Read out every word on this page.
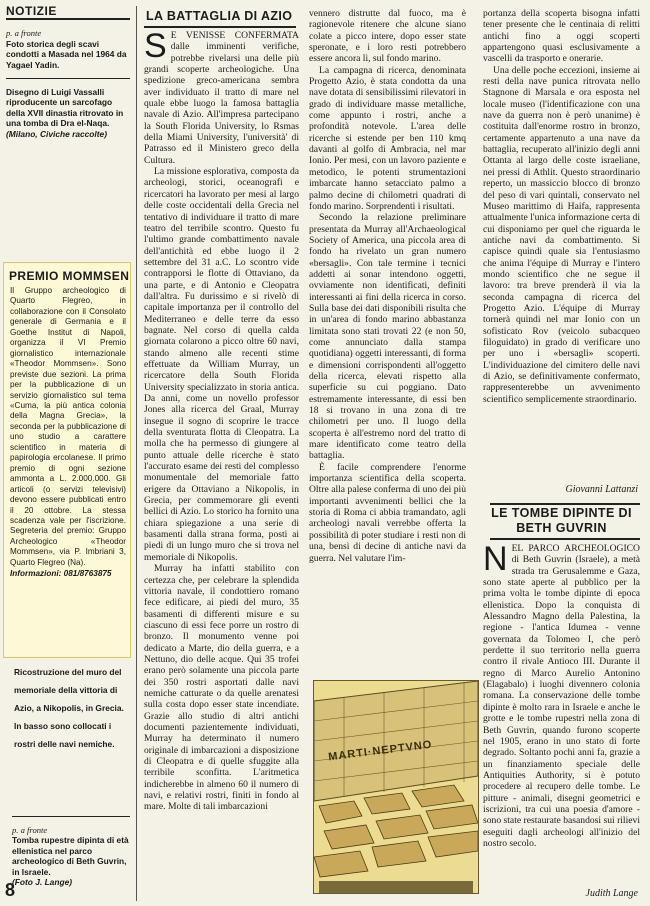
NOTIZIE
p. a fronte
Foto storica degli scavi condotti a Masada nel 1964 da Yagael Yadin.
Disegno di Luigi Vassalli riproducente un sarcofago della XVII dinastia ritrovato in una tomba di Dra el-Naqa.
(Milano, Civiche raccolte)
PREMIO MOMMSEN
Il Gruppo archeologico di Quarto Flegreo, in collaborazione con il Consolato generale di Germania e il Goethe Institut di Napoli, organizza il VI Premio giornalistico internazionale «Theodor Mommsen». Sono previste due sezioni. La prima per la pubblicazione di un servizio giornalistico sul tema «Cuma, la più antica colonia della Magna Grecia», la seconda per la pubblicazione di uno studio a carattere scientifico in materia di papirologia ercolanese. Il primo premio di ogni sezione ammonta a L. 2.000.000. Gli articoli (o servizi televisivi) devono essere pubblicati entro il 20 ottobre. La stessa scadenza vale per l'iscrizione. Segreteria del premio: Gruppo Archeologico «Theodor Mommsen», via P. Imbriani 3, Quarto Flegreo (Na).
Informazioni: 081/8763875
Ricostruzione del muro del memoriale della vittoria di Azio, a Nikopolis, in Grecia. In basso sono collocati i rostri delle navi nemiche.
p. a fronte
Tomba rupestre dipinta di età ellenistica nel parco archeologico di Beth Guvrin, in Israele.
(Foto J. Lange)
8
LA BATTAGLIA DI AZIO

S E VENISSE CONFERMATA dalle imminenti verifiche, potrebbe rivelarsi una delle più grandi scoperte archeologiche. Una spedizione greco-americana sembra aver individuato il tratto di mare nel quale ebbe luogo la famosa battaglia navale di Azio. All'impresa partecipano la South Florida University, lo Rsmas della Miami University, l'università' di Patrasso ed il Ministero greco della Cultura.

La missione esplorativa, composta da archeologi, storici, oceanografi e ricercatori ha lavorato per mesi al largo delle coste occidentali della Grecia nel tentativo di individuare il tratto di mare teatro del terribile scontro. Questo fu l'ultimo grande combattimento navale dell'antichità ed ebbe luogo il 2 settembre del 31 a.C. Lo scontro vide contrapporsi le flotte di Ottaviano, da una parte, e di Antonio e Cleopatra dall'altra. Fu durissimo e si rivelò di capitale importanza per il controllo del Mediterraneo e delle terre da esso bagnate. Nel corso di quella calda giornata colarono a picco oltre 60 navi, stando almeno alle recenti stime effettuate da William Murray, un ricercatore della South Florida University specializzato in storia antica. Da anni, come un novello professor Jones alla ricerca del Graal, Murray insegue il sogno di scoprire le tracce della sventurata flotta di Cleopatra. La molla che ha permesso di giungere al punto attuale delle ricerche è stato l'accurato esame dei resti del complesso monumentale del memoriale fatto erigere da Ottaviano a Nikopolis, in Grecia, per commemorare gli eventi bellici di Azio. Lo storico ha fornito una chiara spiegazione a una serie di basamenti dalla strana forma, posti ai piedi di un lungo muro che si trova nel memoriale di Nikopolis.

Murray ha infatti stabilito con certezza che, per celebrare la splendida vittoria navale, il condottiero romano fece edificare, ai piedi del muro, 35 basamenti di differenti misure e su ciascuno di essi fece porre un rostro di bronzo. Il monumento venne poi dedicato a Marte, dio della guerra, e a Nettuno, dio delle acque. Qui 35 trofei erano però solamente una piccola parte dei 350 rostri asportati dalle navi nemiche catturate o da quelle arenatesi sulla costa dopo esser state incendiate. Grazie allo studio di altri antichi documenti pazientemente individuati, Murray ha determinato il numero originale di imbarcazioni a disposizione di Cleopatra e di quelle sfuggite alla terribile sconfitta. L'aritmetica indicherebbe in almeno 60 il numero di navi, e relativi rostri, finiti in fondo al mare. Molte di tali imbarcazioni

vennero distrutte dal fuoco, ma è ragionevole ritenere che alcune siano colate a picco intere, dopo esser state speronate, e i loro resti potrebbero essere ancora lì, sul fondo marino.

La campagna di ricerca, denominata Progetto Azio, è stata condotta da una nave dotata di sensibilissimi rilevatori in grado di individuare masse metalliche, come appunto i rostri, anche a profondità notevole. L'area delle ricerche si estende per ben 110 kmq davanti al golfo di Ambracia, nel mar Ionio. Per mesi, con un lavoro paziente e metodico, le potenti strumentazioni imbarcate hanno setacciato palmo a palmo decine di chilometri quadrati di fondo marino. Sorprendenti i risultati.

Secondo la relazione preliminare presentata da Murray all'Archaeological Society of America, una piccola area di fondo ha rivelato un gran numero «bersagli». Con tale termine i tecnici addetti ai sonar intendono oggetti, ovviamente non identificati, definiti interessanti ai fini della ricerca in corso. Sulla base dei dati disponibili risulta che in un'area di fondo marino abbastanza limitata sono stati trovati 22 (e non 50, come annunciato dalla stampa quotidiana) oggetti interessanti, di forma e dimensioni corrispondenti all'oggetto della ricerca, elevati rispetto alla superficie su cui poggiano. Dato estremamente interessante, di essi ben 18 si trovano in una zona di tre chilometri per uno. Il luogo della scoperta è all'estremo nord del tratto di mare identificato come teatro della battaglia.

È facile comprendere l'enorme importanza scientifica della scoperta. Oltre alla palese conferma di uno dei più importanti avvenimenti bellici che la storia di Roma ci abbia tramandato, agli archeologi navali verrebbe offerta la possibilità di poter studiare i resti non di una, bensì di decine di antiche navi da guerra. Nel valutare l'im-

MARTI·NEPTVNO

portanza della scoperta bisogna infatti tener presente che le centinaia di relitti antichi fino a oggi scoperti appartengono quasi esclusivamente a vascelli da trasporto e onerarie.

Una delle poche eccezioni, insieme ai resti della nave punica ritrovata nello Stagnone di Marsala e ora esposta nel locale museo (l'identificazione con una nave da guerra non è però unanime) è costituita dall'enorme rostro in bronzo, certamente appartenuto a una nave da battaglia, recuperato all'inizio degli anni Ottanta al largo delle coste israeliane, nei pressi di Athlit. Questo straordinario reperto, un massiccio blocco di bronzo del peso di vari quintali, conservato nel Museo marittimo di Haifa, rappresenta attualmente l'unica informazione certa di cui disponiamo per quel che riguarda le antiche navi da combattimento. Si capisce quindi quale sia l'entusiasmo che anima l'équipe di Murray e l'intero mondo scientifico che ne segue il lavoro: tra breve prenderà il via la seconda campagna di ricerca del Progetto Azio. L'équipe di Murray tornerà quindi nel mar Ionio con un sofisticato Rov (veicolo subacqueo filoguidato) in grado di verificare uno per uno i «bersagli» scoperti. L'individuazione del cimitero delle navi di Azio, se definitivamente confermato, rappresenterebbe un avvenimento scientifico semplicemente straordinario.

Giovanni Lattanzi
LE TOMBE DIPINTE DI
BETH GUVRIN

NEL PARCO ARCHEOLOGICO di Beth Guvrin (Israele), a metà strada tra Gerusalemme e Gaza, sono state aperte al pubblico per la prima volta le tombe dipinte di epoca ellenistica. Dopo la conquista di Alessandro Magno della Palestina, la regione - l'antica Idumea - venne governata da Tolomeo I, che però perdette il suo territorio nella guerra contro il rivale Antioco III. Durante il regno di Marco Aurelio Antonino (Elagabalo) i luoghi divennero colonia romana. La conservazione delle tombe dipinte è molto rara in Israele e anche le grotte e le tombe rupestri nella zona di Beth Guvrin, quando furono scoperte nel 1905, erano in uno stato di forte degrado. Soltanto pochi anni fa, grazie a un finanziamento speciale delle Antiquities Authority, si è potuto procedere al recupero delle tombe. Le pitture - animali, disegni geometrici e iscrizioni, tra cui una poesia d'amore - sono state restaurate basandosi sui rilievi eseguiti dagli archeologi all'inizio del nostro secolo.

Judith Lange
